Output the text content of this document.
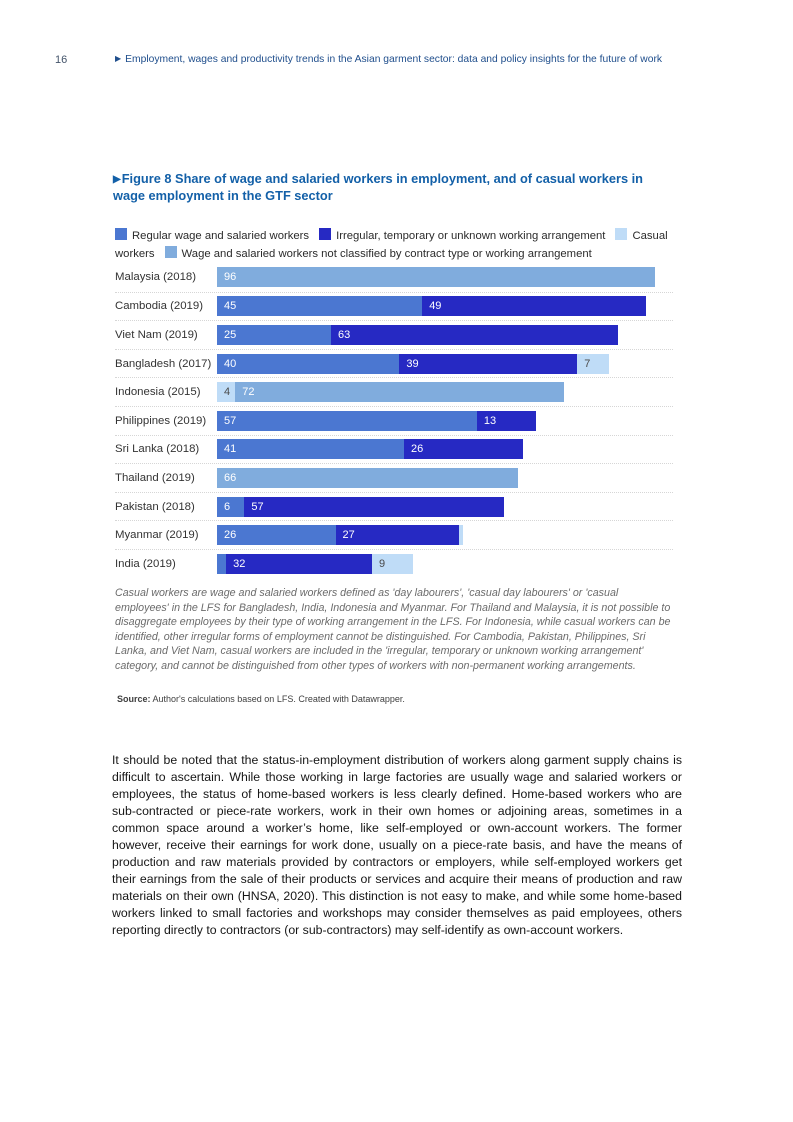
16	▶ Employment, wages and productivity trends in the Asian garment sector: data and policy insights for the future of work
▶Figure 8 Share of wage and salaried workers in employment, and of casual workers in wage employment in the GTF sector
Regular wage and salaried workers Irregular, temporary or unknown working arrangement Casual workers Wage and salaried workers not classified by contract type or working arrangement
Malaysia (2018)	96
Cambodia (2019)	45	49
Viet Nam (2019)	25	63
Bangladesh (2017)	40	39	7
Indonesia (2015)	4	72
Philippines (2019)	57	13
Sri Lanka (2018)	41	26
Thailand (2019)	66
Pakistan (2018)	6	57
Myanmar (2019)	26	27
India (2019)	32	9
Casual workers are wage and salaried workers defined as 'day labourers', 'casual day labourers' or 'casual employees' in the LFS for Bangladesh, India, Indonesia and Myanmar. For Thailand and Malaysia, it is not possible to disaggregate employees by their type of working arrangement in the LFS. For Indonesia, while casual workers can be identified, other irregular forms of employment cannot be distinguished. For Cambodia, Pakistan, Philippines, Sri Lanka, and Viet Nam, casual workers are included in the 'irregular, temporary or unknown working arrangement' category, and cannot be distinguished from other types of workers with non-permanent working arrangements.
Source: Author's calculations based on LFS. Created with Datawrapper.
It should be noted that the status-in-employment distribution of workers along garment supply chains is difficult to ascertain. While those working in large factories are usually wage and salaried workers or employees, the status of home-based workers is less clearly defined. Home-based workers who are sub-contracted or piece-rate workers, work in their own homes or adjoining areas, sometimes in a common space around a worker’s home, like self-employed or own-account workers. The former however, receive their earnings for work done, usually on a piece-rate basis, and have the means of production and raw materials provided by contractors or employers, while self-employed workers get their earnings from the sale of their products or services and acquire their means of production and raw materials on their own (HNSA, 2020). This distinction is not easy to make, and while some home-based workers linked to small factories and workshops may consider themselves as paid employees, others reporting directly to contractors (or sub-contractors) may self-identify as own-account workers.
